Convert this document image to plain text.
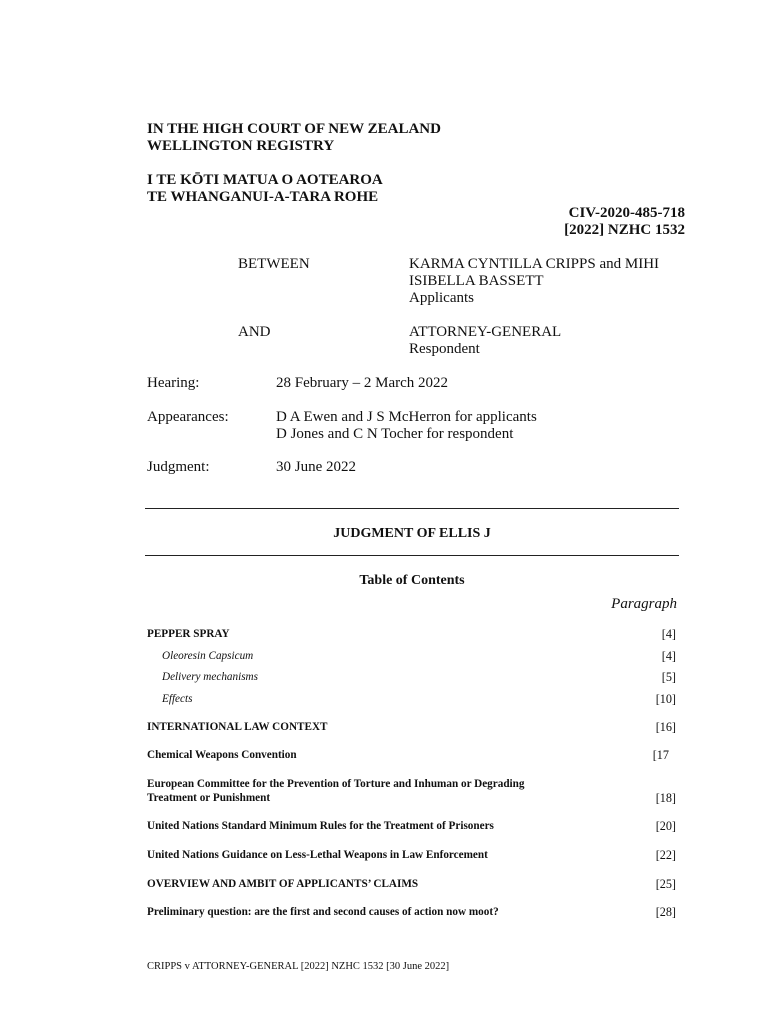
IN THE HIGH COURT OF NEW ZEALAND
WELLINGTON REGISTRY
I TE KŌTI MATUA O AOTEAROA
TE WHANGANUI-A-TARA ROHE
CIV-2020-485-718
[2022] NZHC 1532
BETWEEN	KARMA CYNTILLA CRIPPS and MIHI
ISIBELLA BASSETT
Applicants
AND	ATTORNEY-GENERAL
Respondent
Hearing:	28 February – 2 March 2022
Appearances:	D A Ewen and J S McHerron for applicants
D Jones and C N Tocher for respondent
Judgment:	30 June 2022
JUDGMENT OF ELLIS J
Table of Contents
Paragraph
PEPPER SPRAY	[4]
Oleoresin Capsicum	[4]
Delivery mechanisms	[5]
Effects	[10]
INTERNATIONAL LAW CONTEXT	[16]
Chemical Weapons Convention	[17
European Committee for the Prevention of Torture and Inhuman or Degrading Treatment or Punishment	[18]
United Nations Standard Minimum Rules for the Treatment of Prisoners	[20]
United Nations Guidance on Less-Lethal Weapons in Law Enforcement	[22]
OVERVIEW AND AMBIT OF APPLICANTS’ CLAIMS	[25]
Preliminary question: are the first and second causes of action now moot?	[28]
CRIPPS v ATTORNEY-GENERAL [2022] NZHC 1532 [30 June 2022]
